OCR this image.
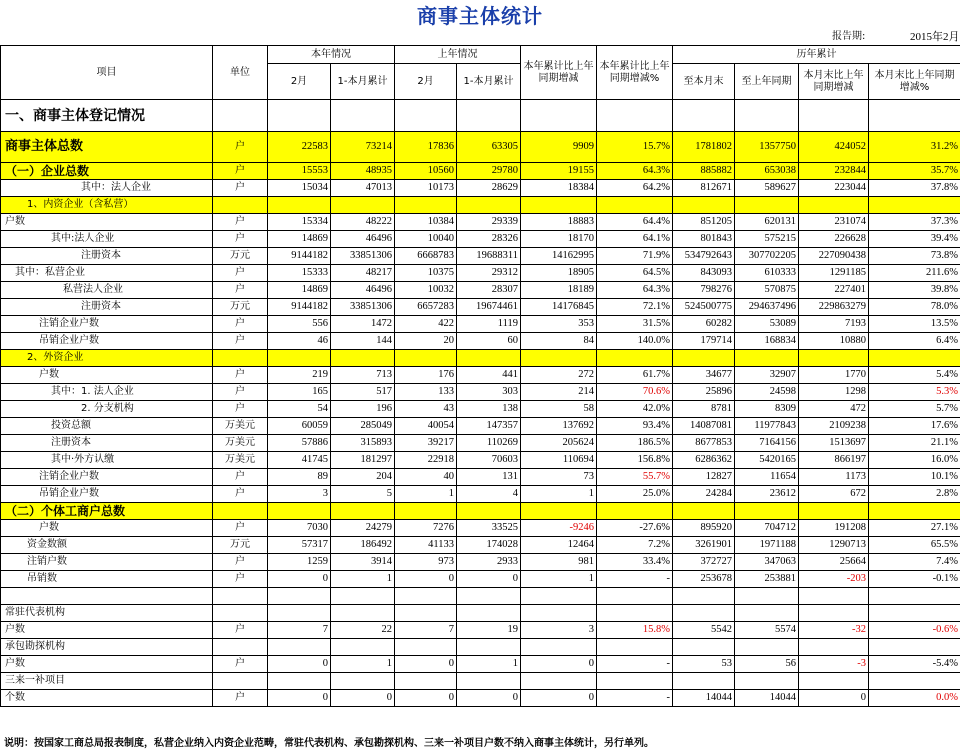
商事主体统计
报告期:	2015年2月
项目	单位	本年情况		上年情况		本年累计比上年同期增减	本年累计比上年同期增减%	历年累计			
		2月	1-本月累计	2月	1-本月累计			至本月末	至上年同期	本月末比上年同期增减	本月末比上年同期增减%
一、商事主体登记情况											
商事主体总数	户	22583	73214	17836	63305	9909	15.7%	1781802	1357750	424052	31.2%
（一）企业总数	户	15553	48935	10560	29780	19155	64.3%	885882	653038	232844	35.7%
其中：法人企业	户	15034	47013	10173	28629	18384	64.2%	812671	589627	223044	37.8%
1、内资企业（含私营）											
户数	户	15334	48222	10384	29339	18883	64.4%	851205	620131	231074	37.3%
其中:法人企业	户	14869	46496	10040	28326	18170	64.1%	801843	575215	226628	39.4%
注册资本	万元	9144182	33851306	6668783	19688311	14162995	71.9%	534792643	307702205	227090438	73.8%
其中：私营企业	户	15333	48217	10375	29312	18905	64.5%	843093	610333	1291185	211.6%
私营法人企业	户	14869	46496	10032	28307	18189	64.3%	798276	570875	227401	39.8%
注册资本	万元	9144182	33851306	6657283	19674461	14176845	72.1%	524500775	294637496	229863279	78.0%
注销企业户数	户	556	1472	422	1119	353	31.5%	60282	53089	7193	13.5%
吊销企业户数	户	46	144	20	60	84	140.0%	179714	168834	10880	6.4%
2、外资企业											
户数	户	219	713	176	441	272	61.7%	34677	32907	1770	5.4%
其中：1. 法人企业	户	165	517	133	303	214	70.6%	25896	24598	1298	5.3%
2. 分支机构	户	54	196	43	138	58	42.0%	8781	8309	472	5.7%
投资总额	万美元	60059	285049	40054	147357	137692	93.4%	14087081	11977843	2109238	17.6%
注册资本	万美元	57886	315893	39217	110269	205624	186.5%	8677853	7164156	1513697	21.1%
其中·外方认缴	万美元	41745	181297	22918	70603	110694	156.8%	6286362	5420165	866197	16.0%
注销企业户数	户	89	204	40	131	73	55.7%	12827	11654	1173	10.1%
吊销企业户数	户	3	5	1	4	1	25.0%	24284	23612	672	2.8%
（二）个体工商户总数											
户数	户	7030	24279	7276	33525	-9246	-27.6%	895920	704712	191208	27.1%
资金数额	万元	57317	186492	41133	174028	12464	7.2%	3261901	1971188	1290713	65.5%
注销户数	户	1259	3914	973	2933	981	33.4%	372727	347063	25664	7.4%
吊销数	户	0	1	0	0	1	-	253678	253881	-203	-0.1%

常驻代表机构											
户数	户	7	22	7	19	3	15.8%	5542	5574	-32	-0.6%
承包勘探机构											
户数	户	0	1	0	1	0	-	53	56	-3	-5.4%
三来一补项目											
个数	户	0	0	0	0	0	-	14044	14044	0	0.0%
说明：按国家工商总局报表制度，私营企业纳入内资企业范畴，常驻代表机构、承包勘探机构、三来一补项目户数不纳入商事主体统计，另行单列。
